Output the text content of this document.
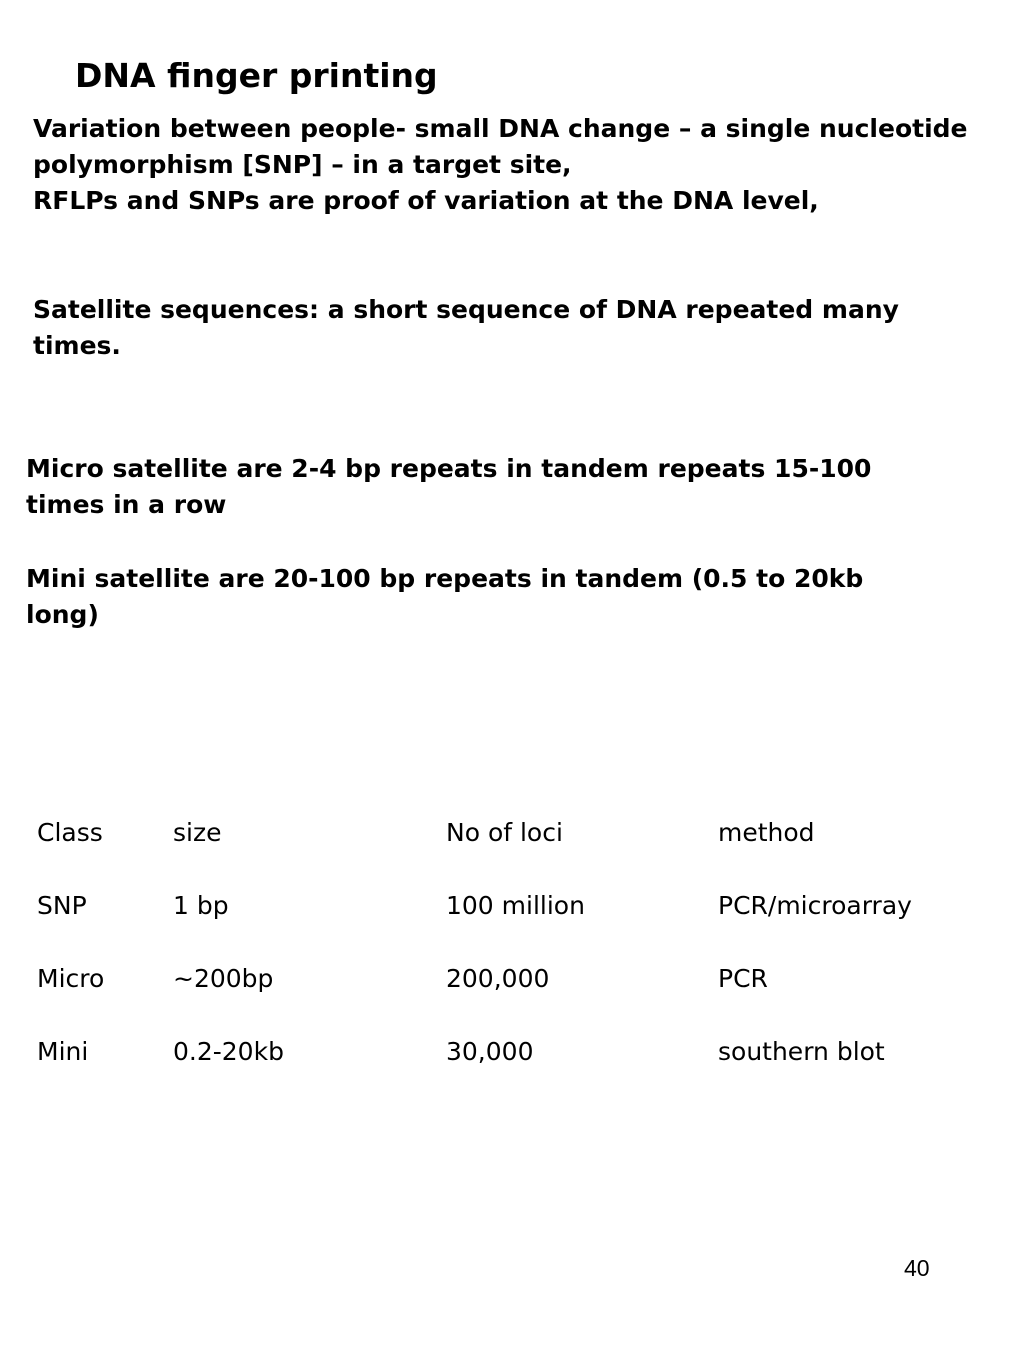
DNA finger printing
Variation between people- small DNA change – a single nucleotide
polymorphism [SNP] – in a target site,
RFLPs and SNPs are proof of variation at the DNA level,
Satellite sequences: a short sequence of DNA repeated many
times.
Micro satellite are 2-4 bp repeats in tandem repeats 15-100
times in a row
Mini satellite are 20-100 bp repeats in tandem (0.5 to 20kb
long)
Class	size	No of loci	method
SNP	1 bp	100 million	PCR/microarray
Micro	~200bp	200,000	PCR
Mini	0.2-20kb	30,000	southern blot
40
